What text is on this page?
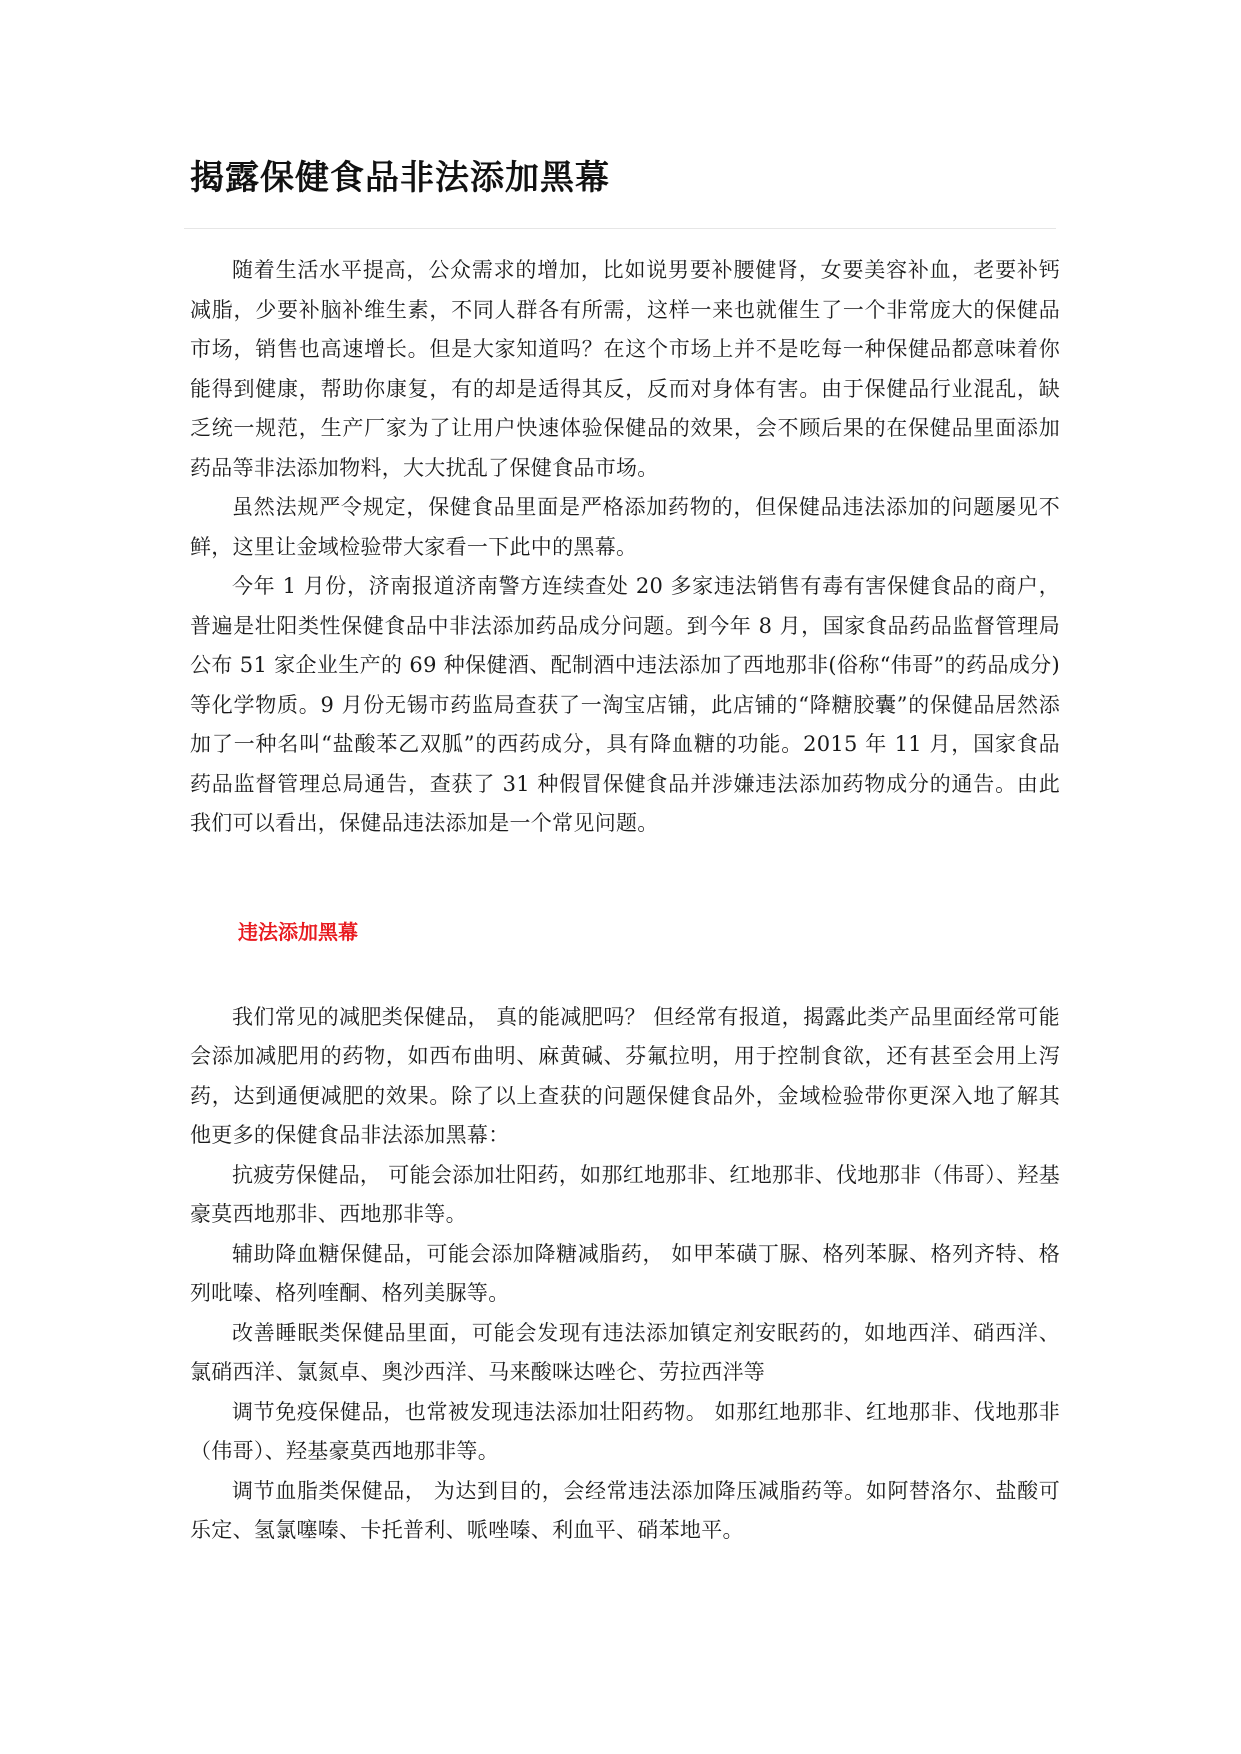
揭露保健食品非法添加黑幕

随着生活水平提高，公众需求的增加，比如说男要补腰健肾，女要美容补血，老要补钙减脂，少要补脑补维生素，不同人群各有所需，这样一来也就催生了一个非常庞大的保健品市场，销售也高速增长。但是大家知道吗？在这个市场上并不是吃每一种保健品都意味着你能得到健康，帮助你康复，有的却是适得其反，反而对身体有害。由于保健品行业混乱，缺乏统一规范，生产厂家为了让用户快速体验保健品的效果，会不顾后果的在保健品里面添加药品等非法添加物料，大大扰乱了保健食品市场。

虽然法规严令规定，保健食品里面是严格添加药物的，但保健品违法添加的问题屡见不鲜，这里让金域检验带大家看一下此中的黑幕。

今年 1 月份，济南报道济南警方连续查处 20 多家违法销售有毒有害保健食品的商户，普遍是壮阳类性保健食品中非法添加药品成分问题。到今年 8 月，国家食品药品监督管理局公布 51 家企业生产的 69 种保健酒、配制酒中违法添加了西地那非(俗称“伟哥”的药品成分)等化学物质。9 月份无锡市药监局查获了一淘宝店铺，此店铺的“降糖胶囊”的保健品居然添加了一种名叫“盐酸苯乙双胍”的西药成分，具有降血糖的功能。2015 年 11 月，国家食品药品监督管理总局通告，查获了 31 种假冒保健食品并涉嫌违法添加药物成分的通告。由此我们可以看出，保健品违法添加是一个常见问题。

违法添加黑幕

我们常见的减肥类保健品， 真的能减肥吗？ 但经常有报道，揭露此类产品里面经常可能会添加减肥用的药物，如西布曲明、麻黄碱、芬氟拉明，用于控制食欲，还有甚至会用上泻药，达到通便减肥的效果。除了以上查获的问题保健食品外，金域检验带你更深入地了解其他更多的保健食品非法添加黑幕：

抗疲劳保健品， 可能会添加壮阳药，如那红地那非、红地那非、伐地那非（伟哥）、羟基豪莫西地那非、西地那非等。

辅助降血糖保健品，可能会添加降糖减脂药， 如甲苯磺丁脲、格列苯脲、格列齐特、格列吡嗪、格列喹酮、格列美脲等。

改善睡眠类保健品里面，可能会发现有违法添加镇定剂安眠药的，如地西洋、硝西洋、氯硝西洋、氯氮卓、奥沙西洋、马来酸咪达唑仑、劳拉西泮等

调节免疫保健品，也常被发现违法添加壮阳药物。 如那红地那非、红地那非、伐地那非（伟哥）、羟基豪莫西地那非等。

调节血脂类保健品， 为达到目的，会经常违法添加降压减脂药等。如阿替洛尔、盐酸可乐定、氢氯噻嗪、卡托普利、哌唑嗪、利血平、硝苯地平。
